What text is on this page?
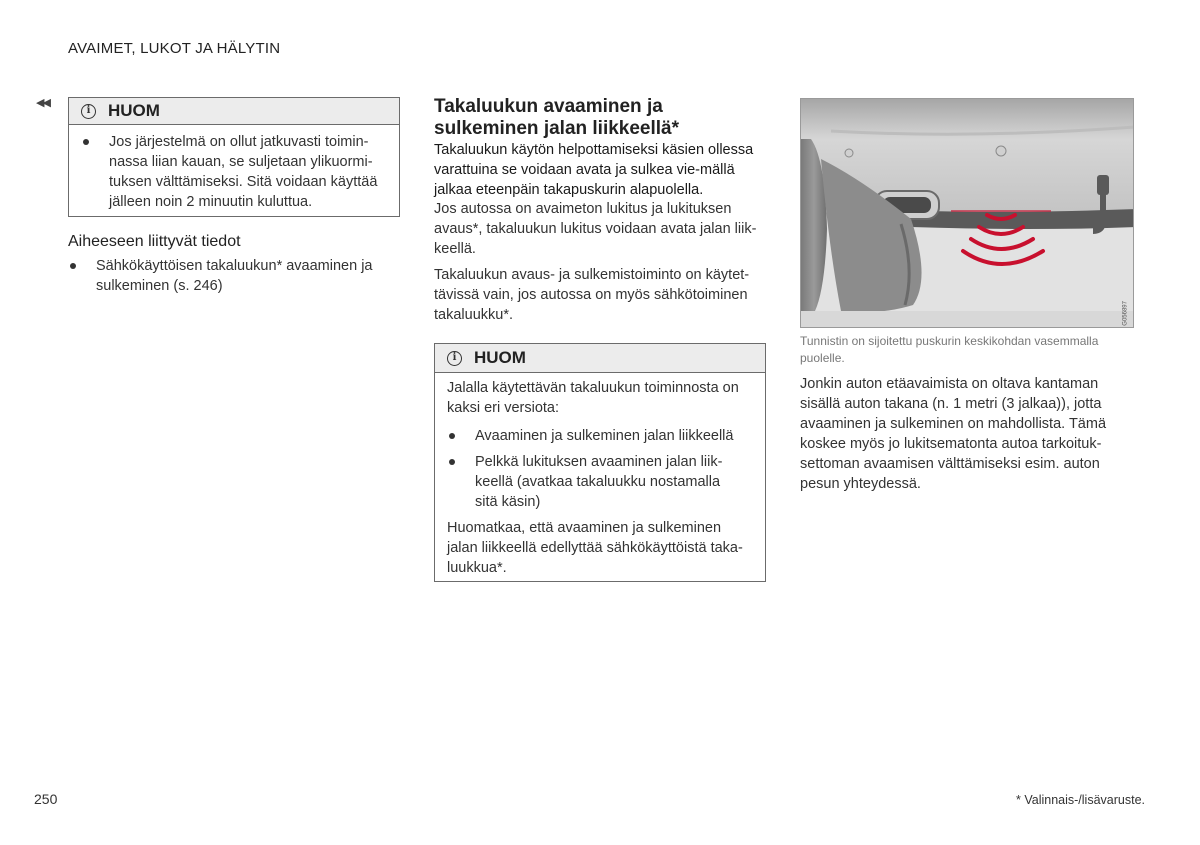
AVAIMET, LUKOT JA HÄLYTIN
◀◀
i	HUOM
Jos järjestelmä on ollut jatkuvasti toimin-nassa liian kauan, se suljetaan ylikuormi-tuksen välttämiseksi. Sitä voidaan käyttää jälleen noin 2 minuutin kuluttua.
Aiheeseen liittyvät tiedot
Sähkökäyttöisen takaluukun* avaaminen ja sulkeminen (s. 246)
Takaluukun avaaminen ja sulkeminen jalan liikkeellä*
Takaluukun käytön helpottamiseksi käsien ollessa varattuina se voidaan avata ja sulkea vie-mällä jalkaa eteenpäin takapuskurin alapuolella.
Jos autossa on avaimeton lukitus ja lukituksen avaus*, takaluukun lukitus voidaan avata jalan liik-keellä.
Takaluukun avaus- ja sulkemistoiminto on käytet-tävissä vain, jos autossa on myös sähkötoiminen takaluukku*.
i	HUOM
Jalalla käytettävän takaluukun toiminnosta on kaksi eri versiota:
Avaaminen ja sulkeminen jalan liikkeellä
Pelkkä lukituksen avaaminen jalan liik-keellä (avatkaa takaluukku nostamalla sitä käsin)
Huomatkaa, että avaaminen ja sulkeminen jalan liikkeellä edellyttää sähkökäyttöistä taka-luukkua*.
G056897
Tunnistin on sijoitettu puskurin keskikohdan vasemmalla puolelle.
Jonkin auton etäavaimista on oltava kantaman sisällä auton takana (n. 1 metri (3 jalkaa)), jotta avaaminen ja sulkeminen on mahdollista. Tämä koskee myös jo lukitsematonta autoa tarkoituk-settoman avaamisen välttämiseksi esim. auton pesun yhteydessä.
250	* Valinnais-/lisävaruste.
